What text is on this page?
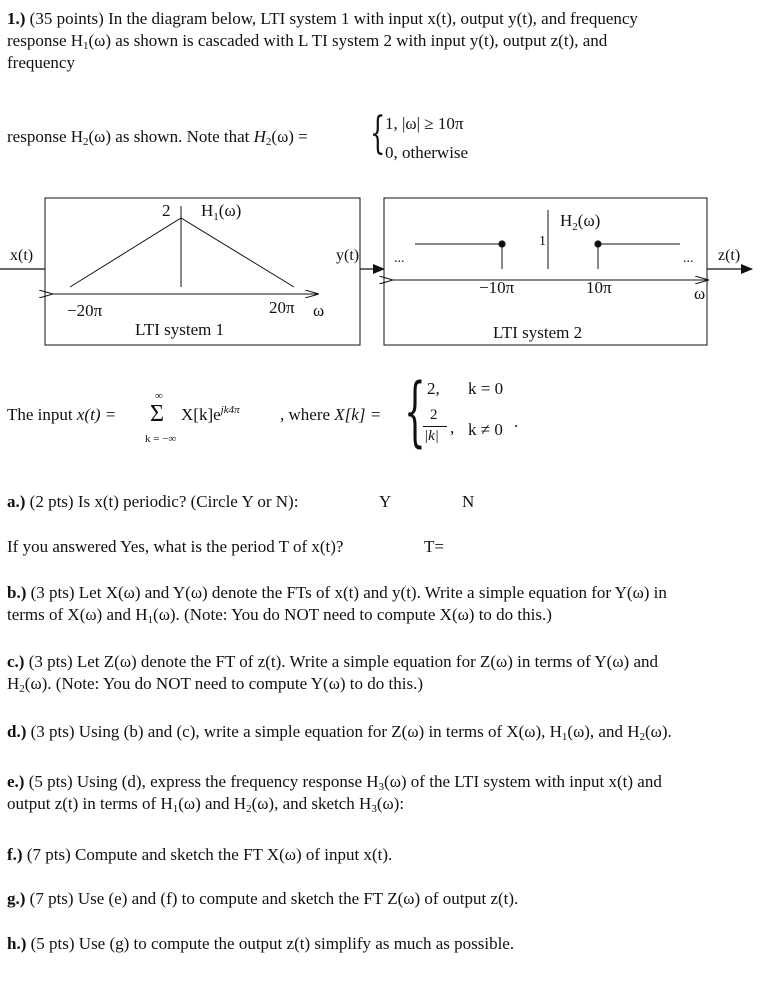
1.) (35 points) In the diagram below, LTI system 1 with input x(t), output y(t), and frequency
response $H_1(\omega)$ as shown is cascaded with L TI system 2 with input y(t), output z(t), and
frequency
response $H_2(\omega)$ as shown. Note that $H_2(\omega)$ = { 1, |ω| ≥ 10π
0, otherwise
2 $H_1(\omega)$
−20π	20π ω
LTI system 1
x(t)	y(t)	z(t)
...	...
$H_2(\omega)$
1
−10π	10π	ω
LTI system 2
The input x(t) =
∞
Σ
k = −∞
$X[k]e^{jk4\pi}$ , where X[k] = { 2, k = 0
2
|k| , k ≠ 0 .
a.) (2 pts) Is x(t) periodic? (Circle Y or N):	Y	N
If you answered Yes, what is the period T of x(t)?	T=
b.) (3 pts) Let X(ω) and Y(ω) denote the FTs of x(t) and y(t). Write a simple equation for Y(ω) in
terms of X(ω) and $H_1(\omega)$. (Note: You do NOT need to compute X(ω) to do this.)
c.) (3 pts) Let Z(ω) denote the FT of z(t). Write a simple equation for Z(ω) in terms of Y(ω) and
$H_2(\omega)$. (Note: You do NOT need to compute Y(ω) to do this.)
d.) (3 pts) Using (b) and (c), write a simple equation for Z(ω) in terms of X(ω), $H_1(\omega)$, and $H_2(\omega)$.
e.) (5 pts) Using (d), express the frequency response $H_3(\omega)$ of the LTI system with input x(t) and
output z(t) in terms of $H_1(\omega)$ and $H_2(\omega)$, and sketch $H_3(\omega)$:
f.) (7 pts) Compute and sketch the FT X(ω) of input x(t).
g.) (7 pts) Use (e) and (f) to compute and sketch the FT Z(ω) of output z(t).
h.) (5 pts) Use (g) to compute the output z(t) simplify as much as possible.
